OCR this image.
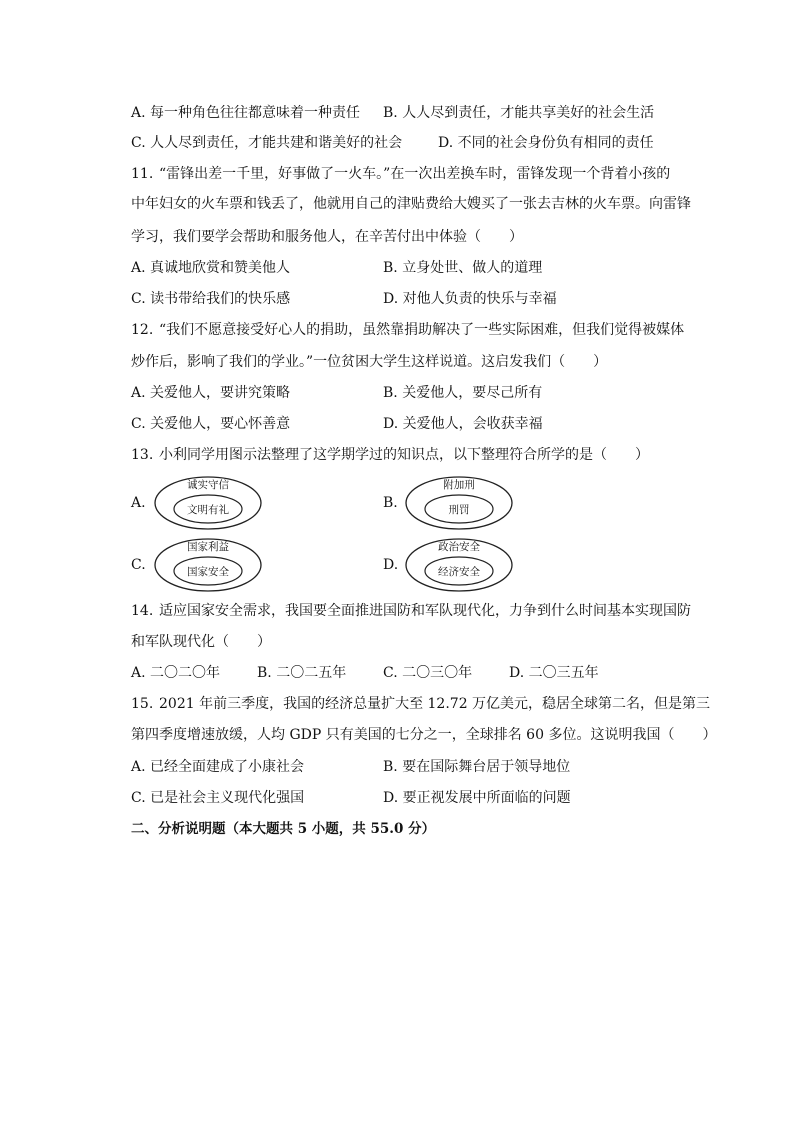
A. 每一种角色往往都意味着一种责任 B. 人人尽到责任，才能共享美好的社会生活
C. 人人尽到责任，才能共建和谐美好的社会	D. 不同的社会身份负有相同的责任
11. “雷锋出差一千里，好事做了一火车。”在一次出差换车时，雷锋发现一个背着小孩的
中年妇女的火车票和钱丢了，他就用自己的津贴费给大嫂买了一张去吉林的火车票。向雷锋
学习，我们要学会帮助和服务他人，在辛苦付出中体验（　　）
A. 真诚地欣赏和赞美他人	B. 立身处世、做人的道理
C. 读书带给我们的快乐感	D. 对他人负责的快乐与幸福
12. “我们不愿意接受好心人的捐助，虽然靠捐助解决了一些实际困难，但我们觉得被媒体
炒作后，影响了我们的学业。”一位贫困大学生这样说道。这启发我们（　　）
A. 关爱他人，要讲究策略	B. 关爱他人，要尽己所有
C. 关爱他人，要心怀善意	D. 关爱他人，会收获幸福
13. 小利同学用图示法整理了这学期学过的知识点，以下整理符合所学的是（　　）
A.
诚实守信
文明有礼	B.
附加刑
刑罚
C.
国家利益
国家安全	D.
政治安全
经济安全
14. 适应国家安全需求，我国要全面推进国防和军队现代化，力争到什么时间基本实现国防
和军队现代化（　　）
A. 二〇二〇年	B. 二〇二五年	C. 二〇三〇年	D. 二〇三五年
15. 2021 年前三季度，我国的经济总量扩大至 12.72 万亿美元，稳居全球第二名，但是第三
第四季度增速放缓，人均 GDP 只有美国的七分之一，全球排名 60 多位。这说明我国（　　）
A. 已经全面建成了小康社会	B. 要在国际舞台居于领导地位
C. 已是社会主义现代化强国	D. 要正视发展中所面临的问题
二、分析说明题（本大题共 5 小题，共 55.0 分）
